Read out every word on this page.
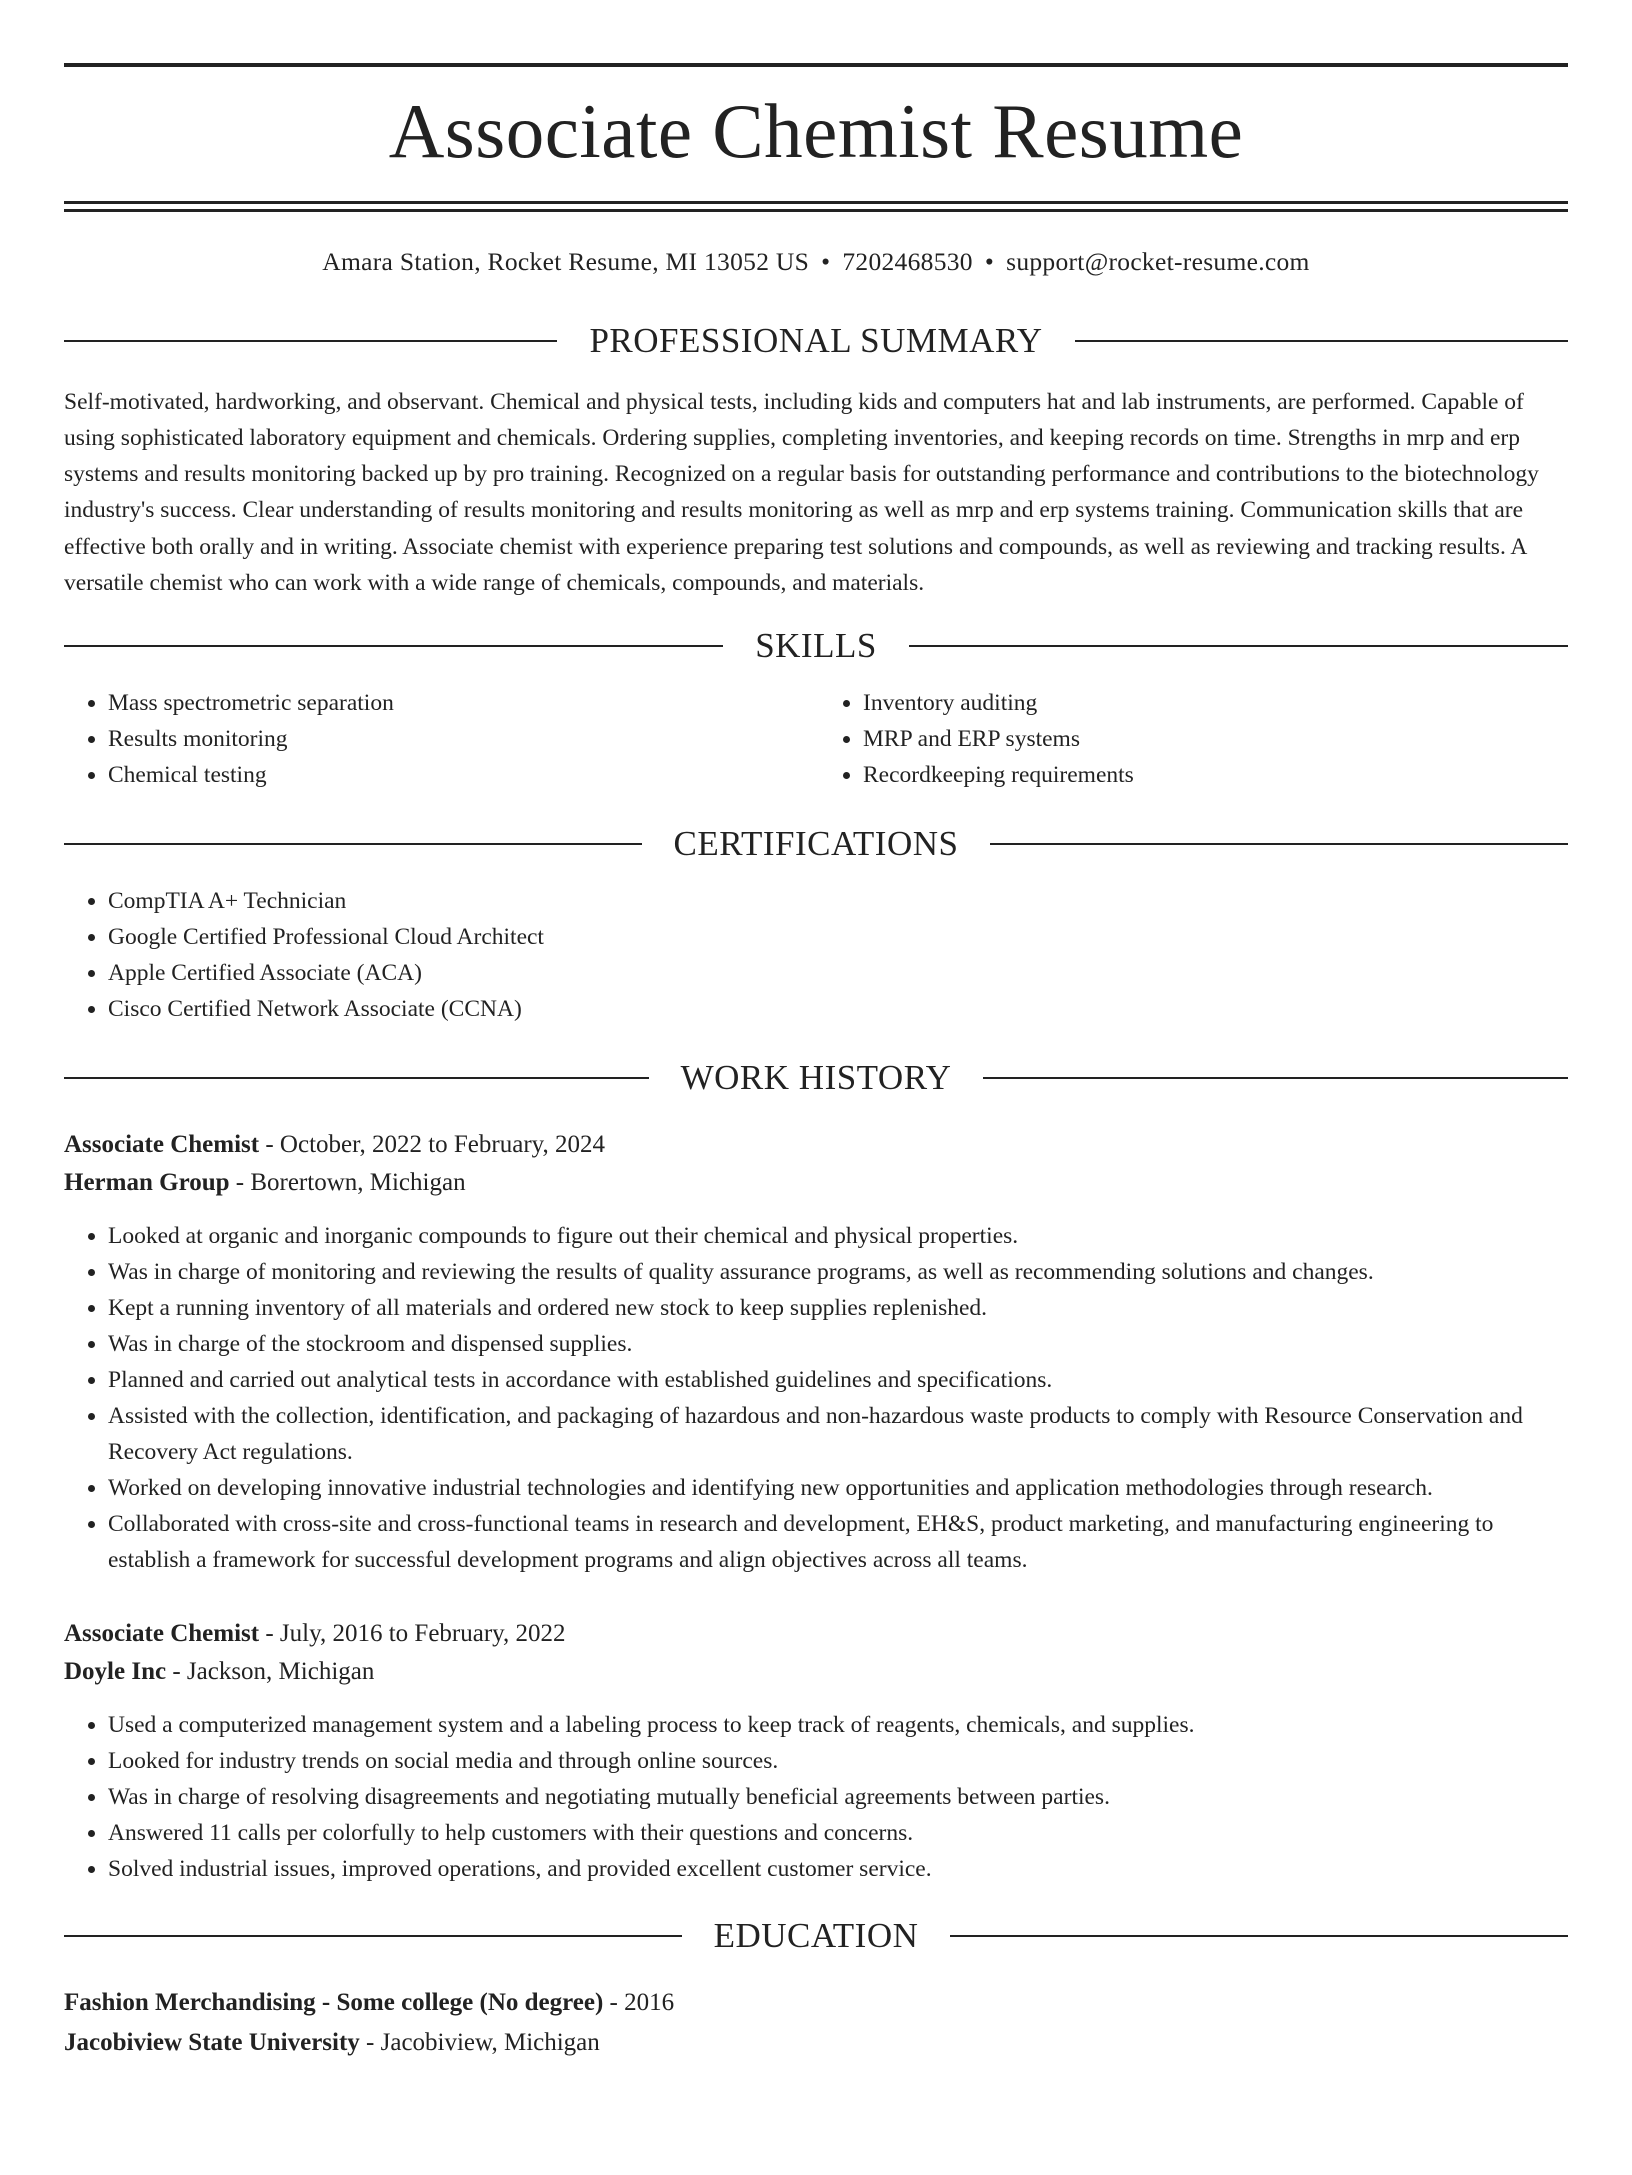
Associate Chemist Resume
Amara Station, Rocket Resume, MI 13052 US • 7202468530 • support@rocket-resume.com
PROFESSIONAL SUMMARY

Self-motivated, hardworking, and observant. Chemical and physical tests, including kids and computers hat and lab instruments, are performed. Capable of using sophisticated laboratory equipment and chemicals. Ordering supplies, completing inventories, and keeping records on time. Strengths in mrp and erp systems and results monitoring backed up by pro training. Recognized on a regular basis for outstanding performance and contributions to the biotechnology industry's success. Clear understanding of results monitoring and results monitoring as well as mrp and erp systems training. Communication skills that are effective both orally and in writing. Associate chemist with experience preparing test solutions and compounds, as well as reviewing and tracking results. A versatile chemist who can work with a wide range of chemicals, compounds, and materials.

SKILLS
• Mass spectrometric separation
• Results monitoring
• Chemical testing
• Inventory auditing
• MRP and ERP systems
• Recordkeeping requirements
CERTIFICATIONS
• CompTIA A+ Technician
• Google Certified Professional Cloud Architect
• Apple Certified Associate (ACA)
• Cisco Certified Network Associate (CCNA)
WORK HISTORY
Associate Chemist - October, 2022 to February, 2024
Herman Group - Borertown, Michigan
• Looked at organic and inorganic compounds to figure out their chemical and physical properties.
• Was in charge of monitoring and reviewing the results of quality assurance programs, as well as recommending solutions and changes.
• Kept a running inventory of all materials and ordered new stock to keep supplies replenished.
• Was in charge of the stockroom and dispensed supplies.
• Planned and carried out analytical tests in accordance with established guidelines and specifications.
• Assisted with the collection, identification, and packaging of hazardous and non-hazardous waste products to comply with Resource Conservation and Recovery Act regulations.
• Worked on developing innovative industrial technologies and identifying new opportunities and application methodologies through research.
• Collaborated with cross-site and cross-functional teams in research and development, EH&S, product marketing, and manufacturing engineering to establish a framework for successful development programs and align objectives across all teams.
Associate Chemist - July, 2016 to February, 2022
Doyle Inc - Jackson, Michigan
• Used a computerized management system and a labeling process to keep track of reagents, chemicals, and supplies.
• Looked for industry trends on social media and through online sources.
• Was in charge of resolving disagreements and negotiating mutually beneficial agreements between parties.
• Answered 11 calls per colorfully to help customers with their questions and concerns.
• Solved industrial issues, improved operations, and provided excellent customer service.
EDUCATION
Fashion Merchandising - Some college (No degree) - 2016
Jacobiview State University - Jacobiview, Michigan
